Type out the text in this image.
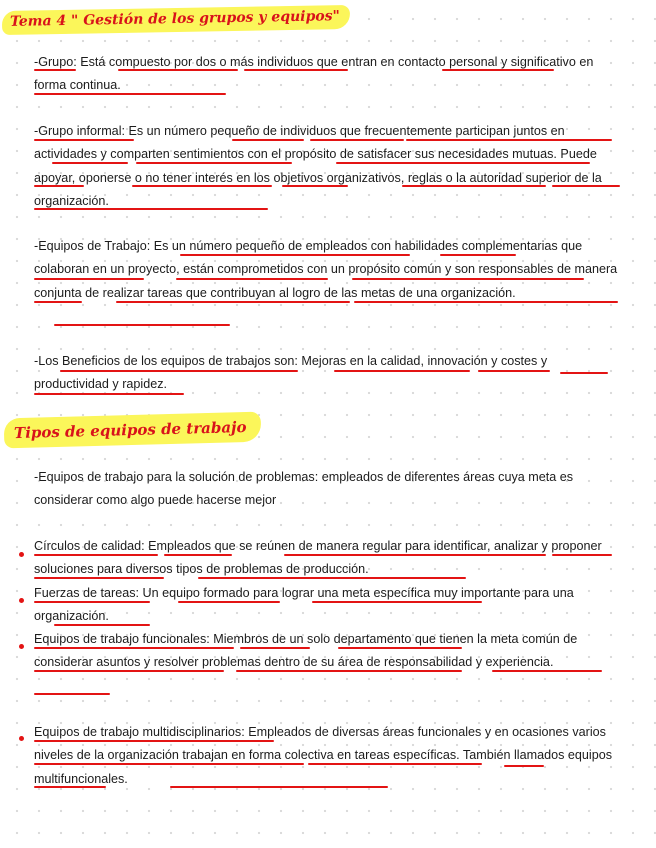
Tema 4 " Gestión de los grupos y equipos"

-Grupo: Está compuesto por dos o más individuos que entran en contacto personal y significativo en forma continua.

-Grupo informal: Es un número pequeño de individuos que frecuentemente participan juntos en actividades y comparten sentimientos con el propósito de satisfacer sus necesidades mutuas. Puede apoyar, oponerse o no tener interés en los objetivos organizativos, reglas o la autoridad superior de la organización.

-Equipos de Trabajo: Es un número pequeño de empleados con habilidades complementarias que colaboran en un proyecto, están comprometidos con un propósito común y son responsables de manera conjunta de realizar tareas que contribuyan al logro de las metas de una organización.

-Los Beneficios de los equipos de trabajos son: Mejoras en la calidad, innovación y costes y productividad y rapidez.

Tipos de equipos de trabajo

-Equipos de trabajo para la solución de problemas: empleados de diferentes áreas cuya meta es considerar como algo puede hacerse mejor

Círculos de calidad: Empleados que se reúnen de manera regular para identificar, analizar y proponer soluciones para diversos tipos de problemas de producción.

Fuerzas de tareas: Un equipo formado para lograr una meta específica muy importante para una organización.

Equipos de trabajo funcionales: Miembros de un solo departamento que tienen la meta común de considerar asuntos y resolver problemas dentro de su área de responsabilidad y experiencia.

Equipos de trabajo multidisciplinarios: Empleados de diversas áreas funcionales y en ocasiones varios niveles de la organización trabajan en forma colectiva en tareas específicas. También llamados equipos multifuncionales.
